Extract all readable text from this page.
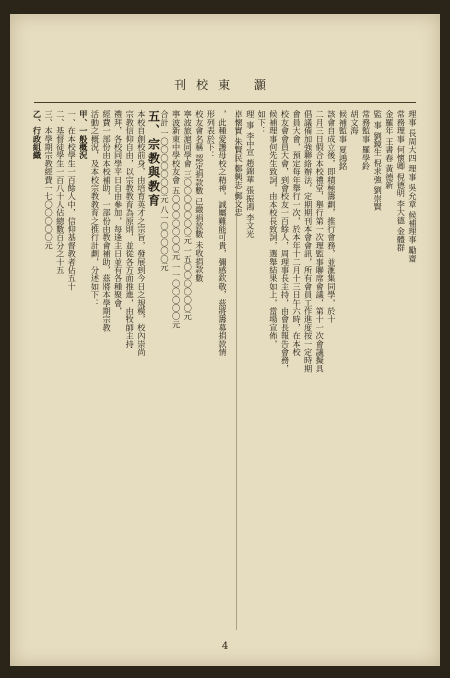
刊校東 灝
理事 長周大四 理事 吳允章 候補理事 勵齋
常務理事 何懷卿 倪德明 李大德 金體群
金羅年 王書春 黃德新
監 事 劉鏡生 倪求強 劉崇賢
常務監事 羅學鈴
胡文海
候補監事 夏鴻銘
該會自成立後，即積極籌劃，推行會務，並滙集同學，於十
二月三日假合本校禮堂，舉行第一次理監事聯席會議，第十一次會議擬具
倡議備加強聯絡辦法，定期期刊本會會訊，所有會員工作進度按一定時期
會員大會，預定每年舉行一次，於本年十二月十三日午六時，在本校
校友會會員大會，到會校友一百餘人，周理事長主持，由會長報告會務，
候補理事何先生致詞，由本校長致詞，選舉結果如上，當場宣佈，
如下：
理 事 李中宣 趙錦華 張振鴻 李文光
卓懷實 朱賢民 鄭興志 郵文忠
，此種愛護母校之精神，誠屬難能可貴，彌感欽敬，茲將籌募捐款情
形列表於下：
校友會名稱 認定捐款數 已繳捐款數 未收捐款數
寧波旅滬同學會 三〇〇〇〇〇〇〇元 一五〇〇〇〇〇〇元
寧波新東中學校友會 五〇〇〇〇〇〇〇元 一一〇〇〇〇〇元
合計 一〇〇〇〇〇〇〇元 八一〇〇〇〇〇元
五、宗教與教育
本校自創校前身，由培育英才之宗旨，發展到今日之規模，校內崇尚
宗教信仰自由，以宗教教育為原則，並從各方面推進，由牧師主持
禮拜，各校同學平日自由參加，每逢主日並有各種聚會，
經費一部份由本校補助，一部份由教會補助，茲將本學期宗教
活動之概況，及本校宗教教育之推行計劃，分述如下：
甲、一般概況
一、在本校學生一百餘人中，信仰基督教者佔五十
二、基督徒學生一百八十人佔總數百分之十五
三、本學期宗教經費一七〇〇〇〇〇元
乙、行政組織
4
